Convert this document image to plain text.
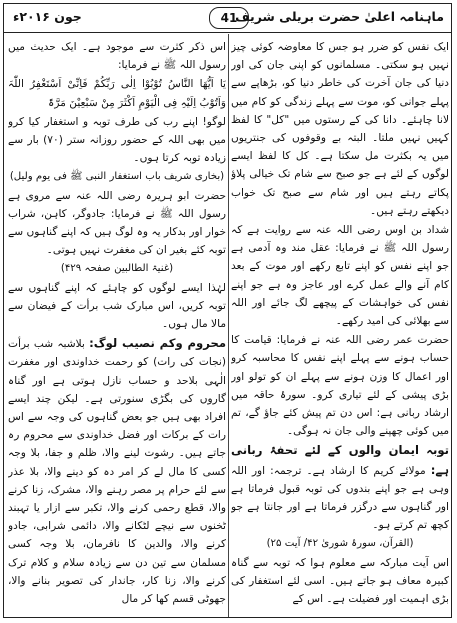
ماہنامہ اعلیٰ حضرت بریلی شریف
41
جون ۲۰۱۶ء

ایک نفس کو ضرر ہو جس کا معاوضہ کوئی چیز نہیں ہو سکتی۔ مسلمانوں کو اپنی جان کی اور دنیا کی جان آخرت کی خاطر دنیا کو، بڑھاپے سے پہلے جوانی کو، موت سے پہلے زندگی کو کام میں لانا چاہئے۔ دانا کی کے رستوں میں "کل" کا لفظ کہیں نہیں ملتا۔ البتہ بے وقوفوں کی جنتریوں میں یہ بکثرت مل سکتا ہے۔ کل کا لفظ ایسے لوگوں کے لئے ہے جو صبح سے شام تک خیالی پلاؤ پکاتے رہتے ہیں اور شام سے صبح تک خواب دیکھتے رہتے ہیں۔

شداد بن اوس رضی اللہ عنہ سے روایت ہے کہ رسول اللہ ﷺ نے فرمایا: عقل مند وہ آدمی ہے جو اپنے نفس کو اپنے تابع رکھے اور موت کے بعد کام آنے والے عمل کرے اور عاجز وہ ہے جو اپنے نفس کی خواہشات کے پیچھے لگ جائے اور اللہ سے بھلائی کی امید رکھے۔

حضرت عمر رضی اللہ عنہ نے فرمایا: قیامت کا حساب ہونے سے پہلے اپنے نفس کا محاسبہ کرو اور اعمال کا وزن ہونے سے پہلے ان کو تولو اور بڑی پیشی کے لئے تیاری کرو۔ سورۂ حاقہ میں ارشاد ربانی ہے: اس دن تم پیش کئے جاؤ گے، تم میں کوئی چھپنے والی جان نہ ہوگی۔

توبہ ایمان والوں کے لئے تحفۂ ربانی ہے: مولائے کریم کا ارشاد ہے۔ ترجمہ: اور اللہ وہی ہے جو اپنے بندوں کی توبہ قبول فرماتا ہے اور گناہوں سے درگزر فرماتا ہے اور جانتا ہے جو کچھ تم کرتے ہو۔

(القرآن، سورۂ شوریٰ ۴۲/ آیت ۲۵)

اس آیت مبارکہ سے معلوم ہوا کہ توبہ سے گناہ کبیرہ معاف ہو جاتے ہیں۔ اسی لئے استغفار کی بڑی اہمیت اور فضیلت ہے۔ اس کے

اس ذکر کثرت سے موجود ہے۔ ایک حدیث میں رسول اللہ ﷺ نے فرمایا:

یَا اَیُّھَا النَّاسُ تُوْبُوْا اِلٰی رَبِّکُمْ فَاِنِّیْ اَسْتَغْفِرُ اللّٰہَ وَاَتُوْبُ اِلَیْہِ فِی الْیَوْمِ اَکْثَرَ مِنْ سَبْعِیْنَ مَرَّۃً

لوگو! اپنے رب کی طرف توبہ و استغفار کیا کرو میں بھی اللہ کے حضور روزانہ ستر (۷۰) بار سے زیادہ توبہ کرتا ہوں۔

(بخاری شریف باب استغفار النبی ﷺ فی یوم ولیل)

حضرت ابو ہریرہ رضی اللہ عنہ سے مروی ہے رسول اللہ ﷺ نے فرمایا: جادوگر، کاہن، شراب خوار اور بدکار یہ وہ لوگ ہیں کہ اپنے گناہوں سے توبہ کئے بغیر ان کی مغفرت نہیں ہوتی۔

(غنیۃ الطالبین صفحہ ۴۲۹)

لہٰذا ایسے لوگوں کو چاہئے کہ اپنے گناہوں سے توبہ کریں، اس مبارک شب برأت کے فیضان سے مالا مال ہوں۔

محروم وکم نصیب لوگ: بلاشبہ شب برأت (نجات کی رات) کو رحمت خداوندی اور مغفرت الٰہی بلاحد و حساب نازل ہوتی ہے اور گناہ گاروں کی بگڑی سنورتی ہے۔ لیکن چند ایسے افراد بھی ہیں جو بعض گناہوں کی وجہ سے اس رات کے برکات اور فضل خداوندی سے محروم رہ جاتے ہیں۔ رشوت لینے والا، ظلم و جفا، بلا وجہ کسی کا مال لے کر امر دہ کو دینے والا، بلا عذر سے لئے حرام پر مصر رہنے والا، مشرک، زنا کرنے والا، قطع رحمی کرنے والا، تکبر سے ازار یا تہبند ٹخنوں سے نیچے لٹکانے والا، دائمی شرابی، جادو کرنے والا، والدین کا نافرمان، بلا وجہ کسی مسلمان سے تین دن سے زیادہ سلام و کلام ترک کرنے والا، زنا کار، جاندار کی تصویر بنانے والا، جھوٹی قسم کھا کر مال
